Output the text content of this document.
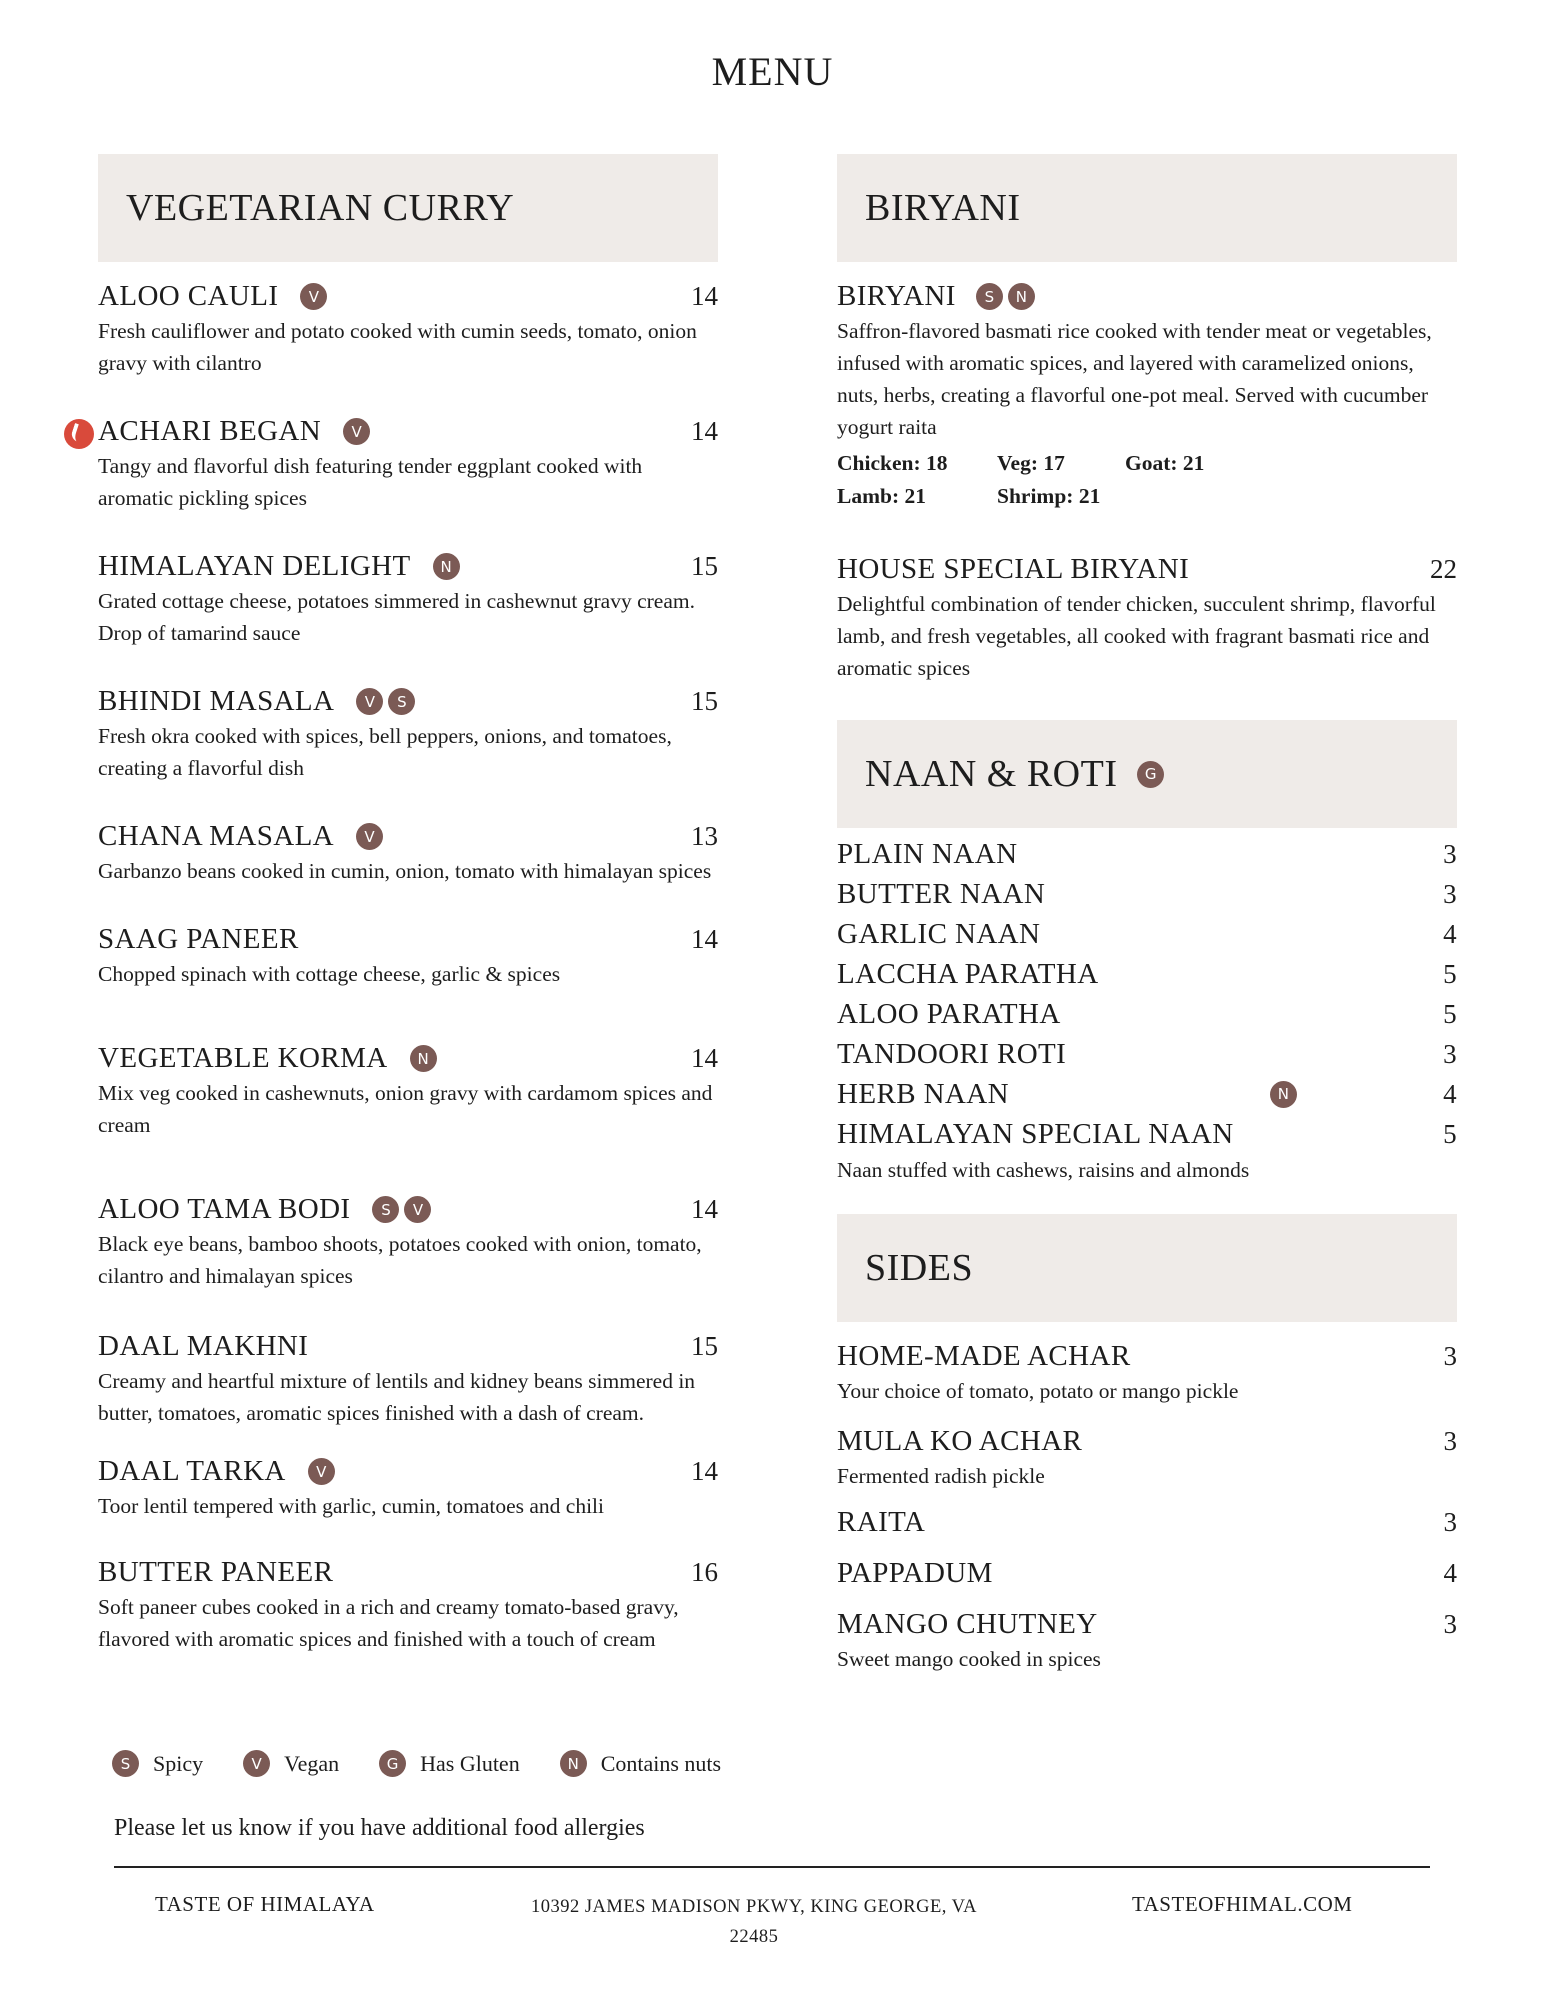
MENU
VEGETARIAN CURRY
ALOO CAULI	V	14
Fresh cauliflower and potato cooked with cumin seeds, tomato, onion gravy with cilantro
ACHARI BEGAN	V	14
Tangy and flavorful dish featuring tender eggplant cooked with aromatic pickling spices
HIMALAYAN DELIGHT	N	15
Grated cottage cheese, potatoes simmered in cashewnut gravy cream. Drop of tamarind sauce
BHINDI MASALA	V	S	15
Fresh okra cooked with spices, bell peppers, onions, and tomatoes, creating a flavorful dish
CHANA MASALA	V	13
Garbanzo beans cooked in cumin, onion, tomato with himalayan spices
SAAG PANEER	14
Chopped spinach with cottage cheese, garlic & spices
VEGETABLE KORMA	N	14
Mix veg cooked in cashewnuts, onion gravy with cardamom spices and cream
ALOO TAMA BODI	S	V	14
Black eye beans, bamboo shoots, potatoes cooked with onion, tomato, cilantro and himalayan spices
DAAL MAKHNI	15
Creamy and heartful mixture of lentils and kidney beans simmered in butter, tomatoes, aromatic spices finished with a dash of cream.
DAAL TARKA	V	14
Toor lentil tempered with garlic, cumin, tomatoes and chili
BUTTER PANEER	16
Soft paneer cubes cooked in a rich and creamy tomato-based gravy, flavored with aromatic spices and finished with a touch of cream
BIRYANI
BIRYANI	S	N
Saffron-flavored basmati rice cooked with tender meat or vegetables, infused with aromatic spices, and layered with caramelized onions, nuts, herbs, creating a flavorful one-pot meal. Served with cucumber yogurt raita
Chicken: 18	Veg: 17	Goat: 21
Lamb: 21	Shrimp: 21
HOUSE SPECIAL BIRYANI	22
Delightful combination of tender chicken, succulent shrimp, flavorful lamb, and fresh vegetables, all cooked with fragrant basmati rice and aromatic spices
NAAN & ROTI	G
PLAIN NAAN	3
BUTTER NAAN	3
GARLIC NAAN	4
LACCHA PARATHA	5
ALOO PARATHA	5
TANDOORI ROTI	3
HERB NAAN	N	4
HIMALAYAN SPECIAL NAAN	5
Naan stuffed with cashews, raisins and almonds
SIDES
HOME-MADE ACHAR	3
Your choice of tomato, potato or mango pickle
MULA KO ACHAR	3
Fermented radish pickle
RAITA	3
PAPPADUM	4
MANGO CHUTNEY	3
Sweet mango cooked in spices
S	Spicy	V	Vegan	G Has Gluten	N Contains nuts
Please let us know if you have additional food allergies
TASTE OF HIMALAYA	10392 JAMES MADISON PKWY, KING GEORGE, VA
22485
TASTEOFHIMAL.COM
